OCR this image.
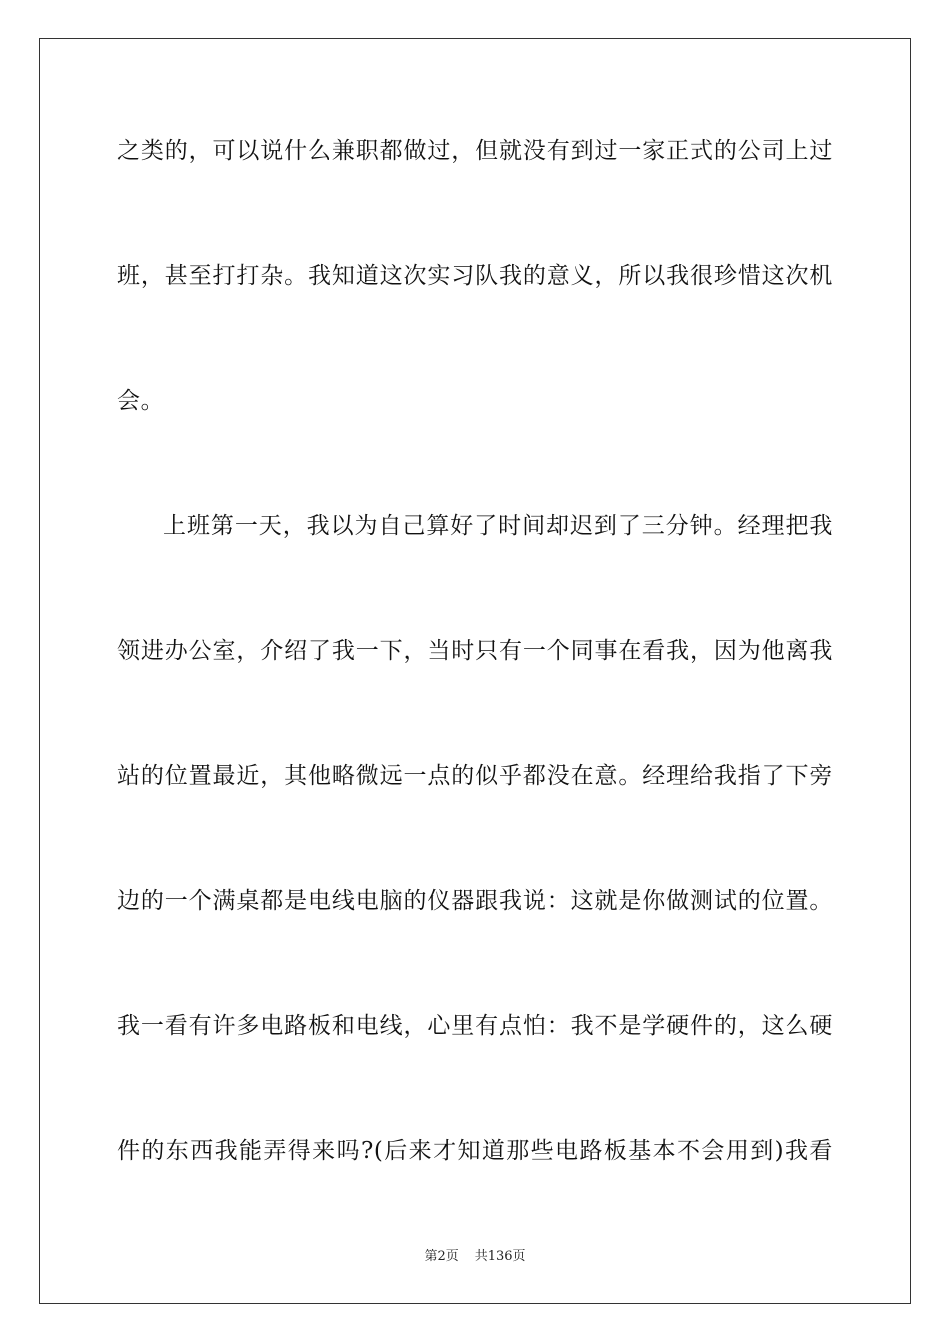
之类的，可以说什么兼职都做过，但就没有到过一家正式的公司上过
班，甚至打打杂。我知道这次实习队我的意义，所以我很珍惜这次机
会。
上班第一天，我以为自己算好了时间却迟到了三分钟。经理把我
领进办公室，介绍了我一下，当时只有一个同事在看我，因为他离我
站的位置最近，其他略微远一点的似乎都没在意。经理给我指了下旁
边的一个满桌都是电线电脑的仪器跟我说：这就是你做测试的位置。
我一看有许多电路板和电线，心里有点怕：我不是学硬件的，这么硬
件的东西我能弄得来吗?(后来才知道那些电路板基本不会用到)我看
第2页 共136页
